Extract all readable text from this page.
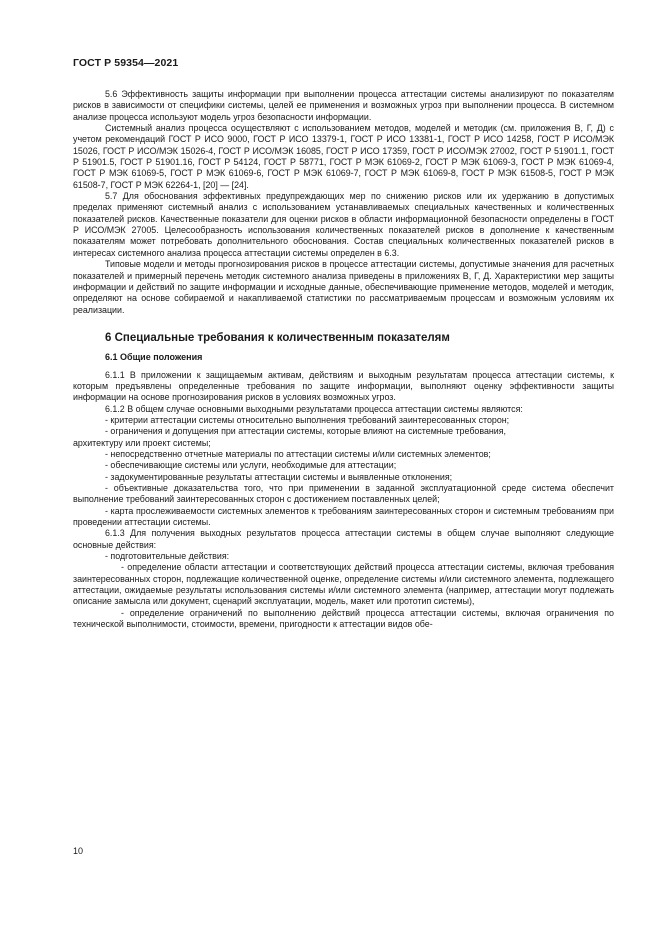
ГОСТ Р 59354—2021

5.6 Эффективность защиты информации при выполнении процесса аттестации системы анализируют по показателям рисков в зависимости от специфики системы, целей ее применения и возможных угроз при выполнении процесса. В системном анализе процесса используют модель угроз безопасности информации.

Системный анализ процесса осуществляют с использованием методов, моделей и методик (см. приложения В, Г, Д) с учетом рекомендаций ГОСТ Р ИСО 9000, ГОСТ Р ИСО 13379-1, ГОСТ Р ИСО 13381-1, ГОСТ Р ИСО 14258, ГОСТ Р ИСО/МЭК 15026, ГОСТ Р ИСО/МЭК 15026-4, ГОСТ Р ИСО/МЭК 16085, ГОСТ Р ИСО 17359, ГОСТ Р ИСО/МЭК 27002, ГОСТ Р 51901.1, ГОСТ Р 51901.5, ГОСТ Р 51901.16, ГОСТ Р 54124, ГОСТ Р 58771, ГОСТ Р МЭК 61069-2, ГОСТ Р МЭК 61069-3, ГОСТ Р МЭК 61069-4, ГОСТ Р МЭК 61069-5, ГОСТ Р МЭК 61069-6, ГОСТ Р МЭК 61069-7, ГОСТ Р МЭК 61069-8, ГОСТ Р МЭК 61508-5, ГОСТ Р МЭК 61508-7, ГОСТ Р МЭК 62264-1, [20] — [24].

5.7 Для обоснования эффективных предупреждающих мер по снижению рисков или их удержанию в допустимых пределах применяют системный анализ с использованием устанавливаемых специальных качественных и количественных показателей рисков. Качественные показатели для оценки рисков в области информационной безопасности определены в ГОСТ Р ИСО/МЭК 27005. Целесообразность использования количественных показателей рисков в дополнение к качественным показателям может потребовать дополнительного обоснования. Состав специальных количественных показателей рисков в интересах системного анализа процесса аттестации системы определен в 6.3.

Типовые модели и методы прогнозирования рисков в процессе аттестации системы, допустимые значения для расчетных показателей и примерный перечень методик системного анализа приведены в приложениях В, Г, Д. Характеристики мер защиты информации и действий по защите информации и исходные данные, обеспечивающие применение методов, моделей и методик, определяют на основе собираемой и накапливаемой статистики по рассматриваемым процессам и возможным условиям их реализации.

6 Специальные требования к количественным показателям
6.1 Общие положения

6.1.1 В приложении к защищаемым активам, действиям и выходным результатам процесса аттестации системы, к которым предъявлены определенные требования по защите информации, выполняют оценку эффективности защиты информации на основе прогнозирования рисков в условиях возможных угроз.

6.1.2 В общем случае основными выходными результатами процесса аттестации системы являются:

- критерии аттестации системы относительно выполнения требований заинтересованных сторон;

- ограничения и допущения при аттестации системы, которые влияют на системные требования,

архитектуру или проект системы;

- непосредственно отчетные материалы по аттестации системы и/или системных элементов;

- обеспечивающие системы или услуги, необходимые для аттестации;

- задокументированные результаты аттестации системы и выявленные отклонения;

- объективные доказательства того, что при применении в заданной эксплуатационной среде система обеспечит выполнение требований заинтересованных сторон с достижением поставленных целей;

- карта прослеживаемости системных элементов к требованиям заинтересованных сторон и системным требованиям при проведении аттестации системы.

6.1.3 Для получения выходных результатов процесса аттестации системы в общем случае выполняют следующие основные действия:

- подготовительные действия:

- определение области аттестации и соответствующих действий процесса аттестации системы, включая требования заинтересованных сторон, подлежащие количественной оценке, определение системы и/или системного элемента, подлежащего аттестации, ожидаемые результаты использования системы и/или системного элемента (например, аттестации могут подлежать описание замысла или документ, сценарий эксплуатации, модель, макет или прототип системы),

- определение ограничений по выполнению действий процесса аттестации системы, включая ограничения по технической выполнимости, стоимости, времени, пригодности к аттестации видов обе-

10
